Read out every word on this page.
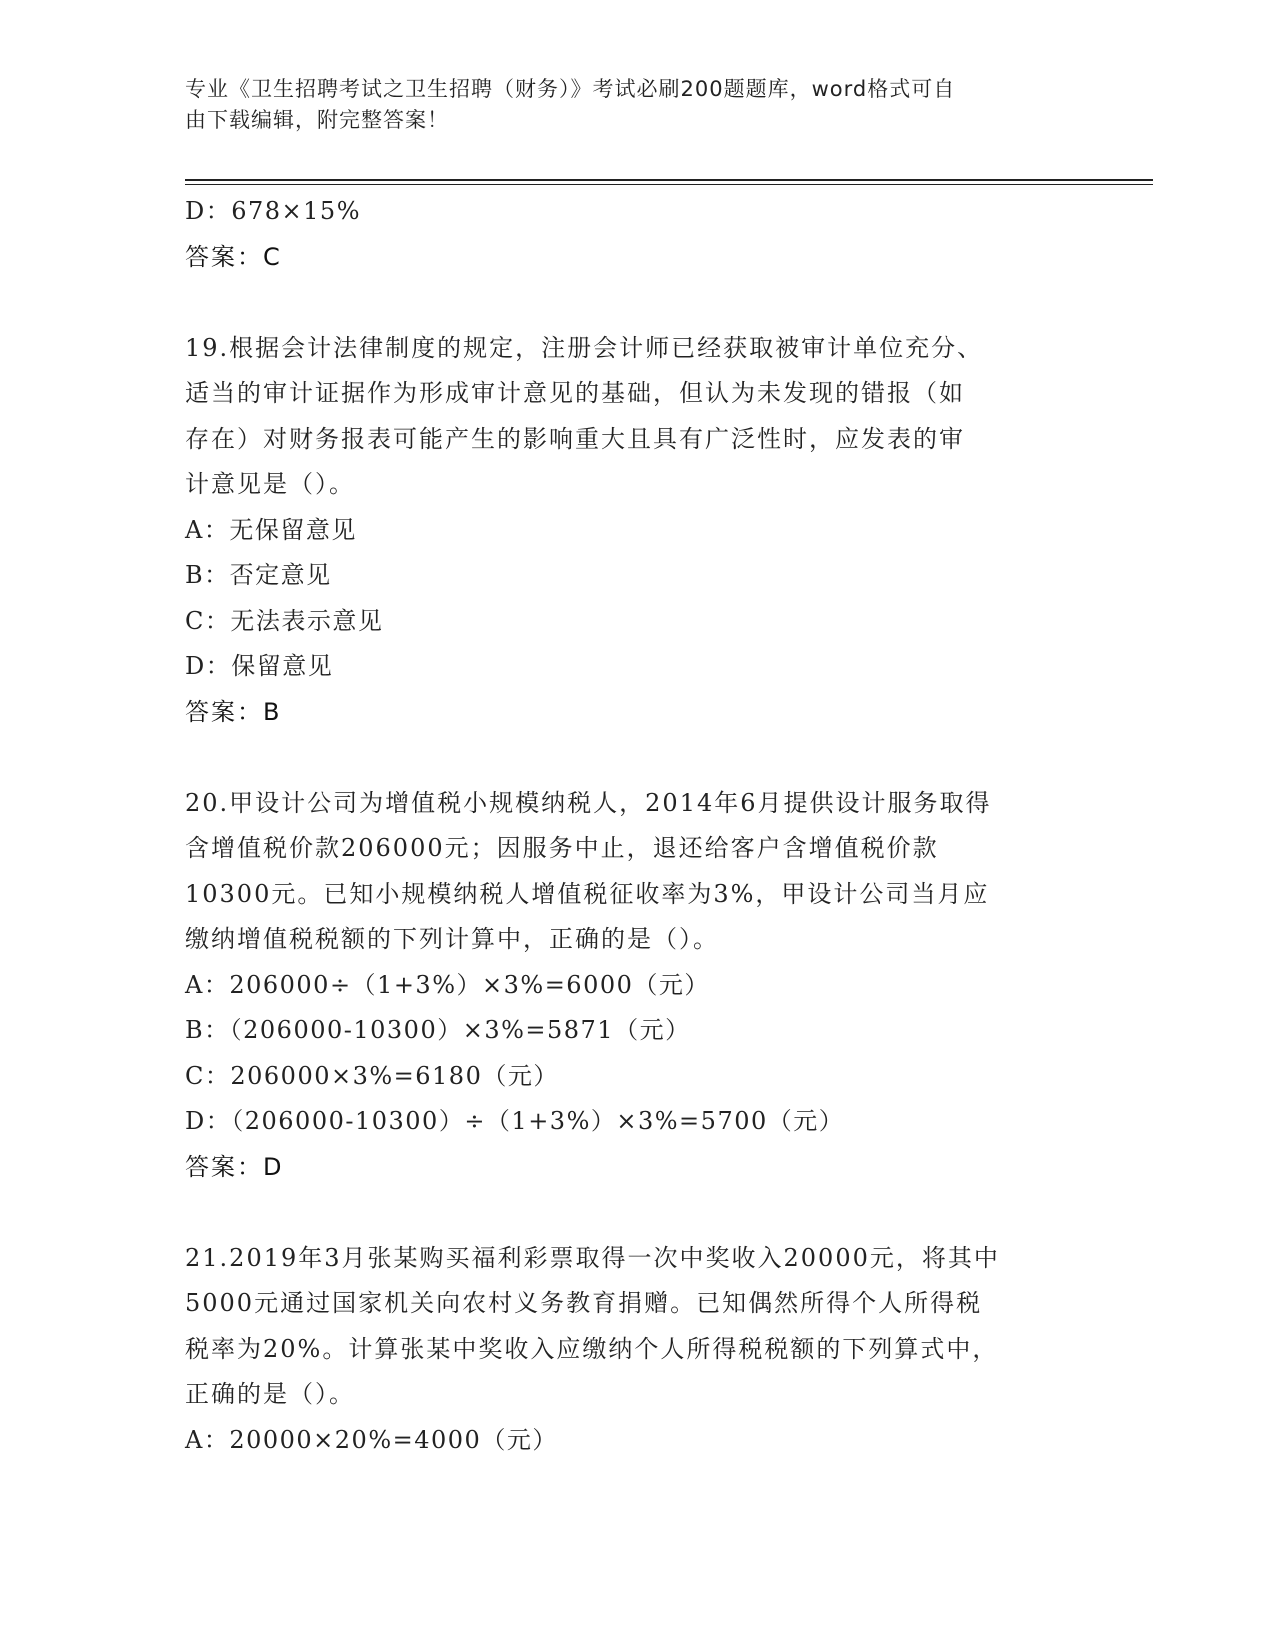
专业《卫生招聘考试之卫生招聘（财务）》考试必刷200题题库，word格式可自
由下载编辑，附完整答案！
D：678×15%
答案：C
19.根据会计法律制度的规定，注册会计师已经获取被审计单位充分、
适当的审计证据作为形成审计意见的基础，但认为未发现的错报（如
存在）对财务报表可能产生的影响重大且具有广泛性时，应发表的审
计意见是（）。
A：无保留意见
B：否定意见
C：无法表示意见
D：保留意见
答案：B
20.甲设计公司为增值税小规模纳税人，2014年6月提供设计服务取得
含增值税价款206000元；因服务中止，退还给客户含增值税价款
10300元。已知小规模纳税人增值税征收率为3%，甲设计公司当月应
缴纳增值税税额的下列计算中，正确的是（）。
A：206000÷（1+3%）×3%=6000（元）
B：（206000-10300）×3%=5871（元）
C：206000×3%=6180（元）
D：（206000-10300）÷（1+3%）×3%=5700（元）
答案：D
21.2019年3月张某购买福利彩票取得一次中奖收入20000元，将其中
5000元通过国家机关向农村义务教育捐赠。已知偶然所得个人所得税
税率为20%。计算张某中奖收入应缴纳个人所得税税额的下列算式中，
正确的是（）。
A：20000×20%=4000（元）
